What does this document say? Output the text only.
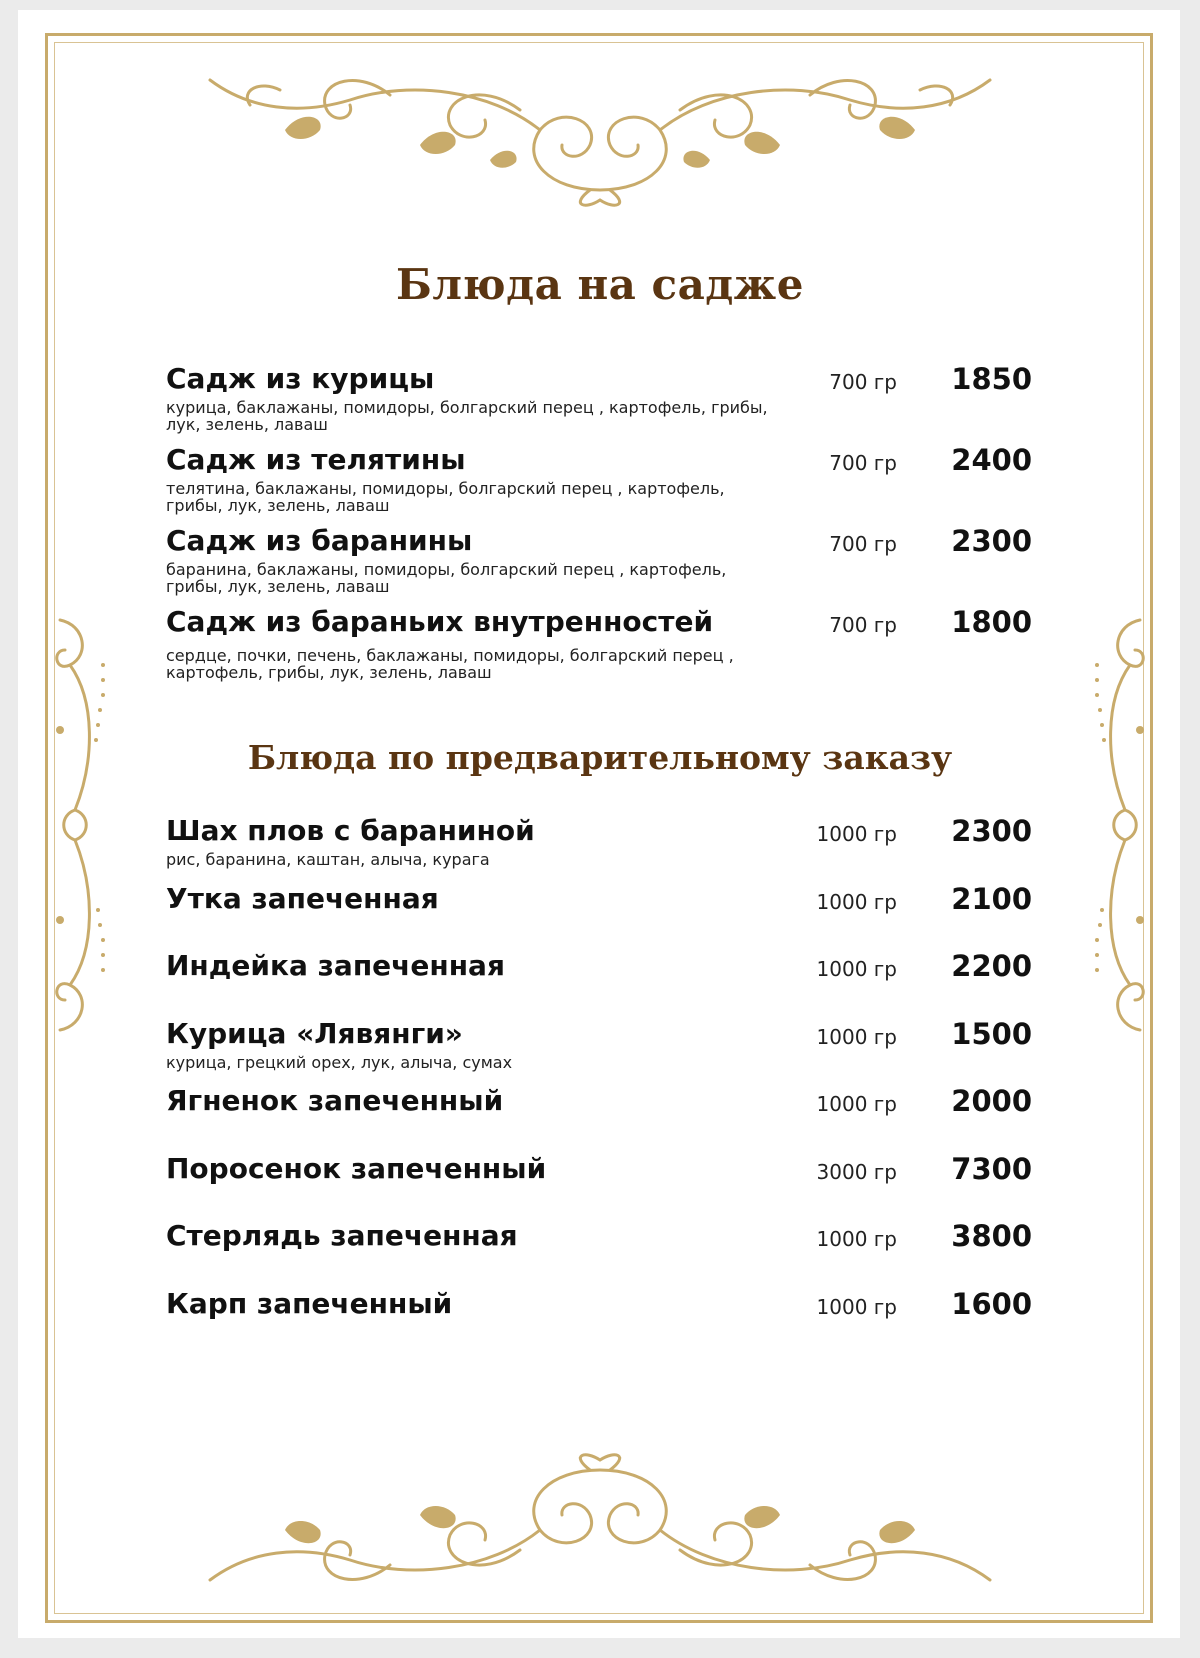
Блюда на садже
Садж из курицы
курица, баклажаны, помидоры, болгарский перец , картофель, грибы, лук, зелень, лаваш
700 гр	1850
Садж из телятины
телятина, баклажаны, помидоры, болгарский перец , картофель, грибы, лук, зелень, лаваш
700 гр	2400
Садж из баранины
баранина, баклажаны, помидоры, болгарский перец , картофель, грибы, лук, зелень, лаваш
700 гр	2300
Садж из бараньих внутренностей
сердце, почки, печень, баклажаны, помидоры, болгарский перец , картофель, грибы, лук, зелень, лаваш
700 гр	1800
Блюда по предварительному заказу
Шах плов с бараниной
рис, баранина, каштан, алыча, курага
1000 гр	2300
Утка запеченная	1000 гр	2100
Индейка запеченная	1000 гр	2200
Курица «Лявянги»
курица, грецкий орех, лук, алыча, сумах
1000 гр	1500
Ягненок запеченный	1000 гр	2000
Поросенок запеченный	3000 гр	7300
Стерлядь запеченная	1000 гр	3800
Карп запеченный	1000 гр	1600
